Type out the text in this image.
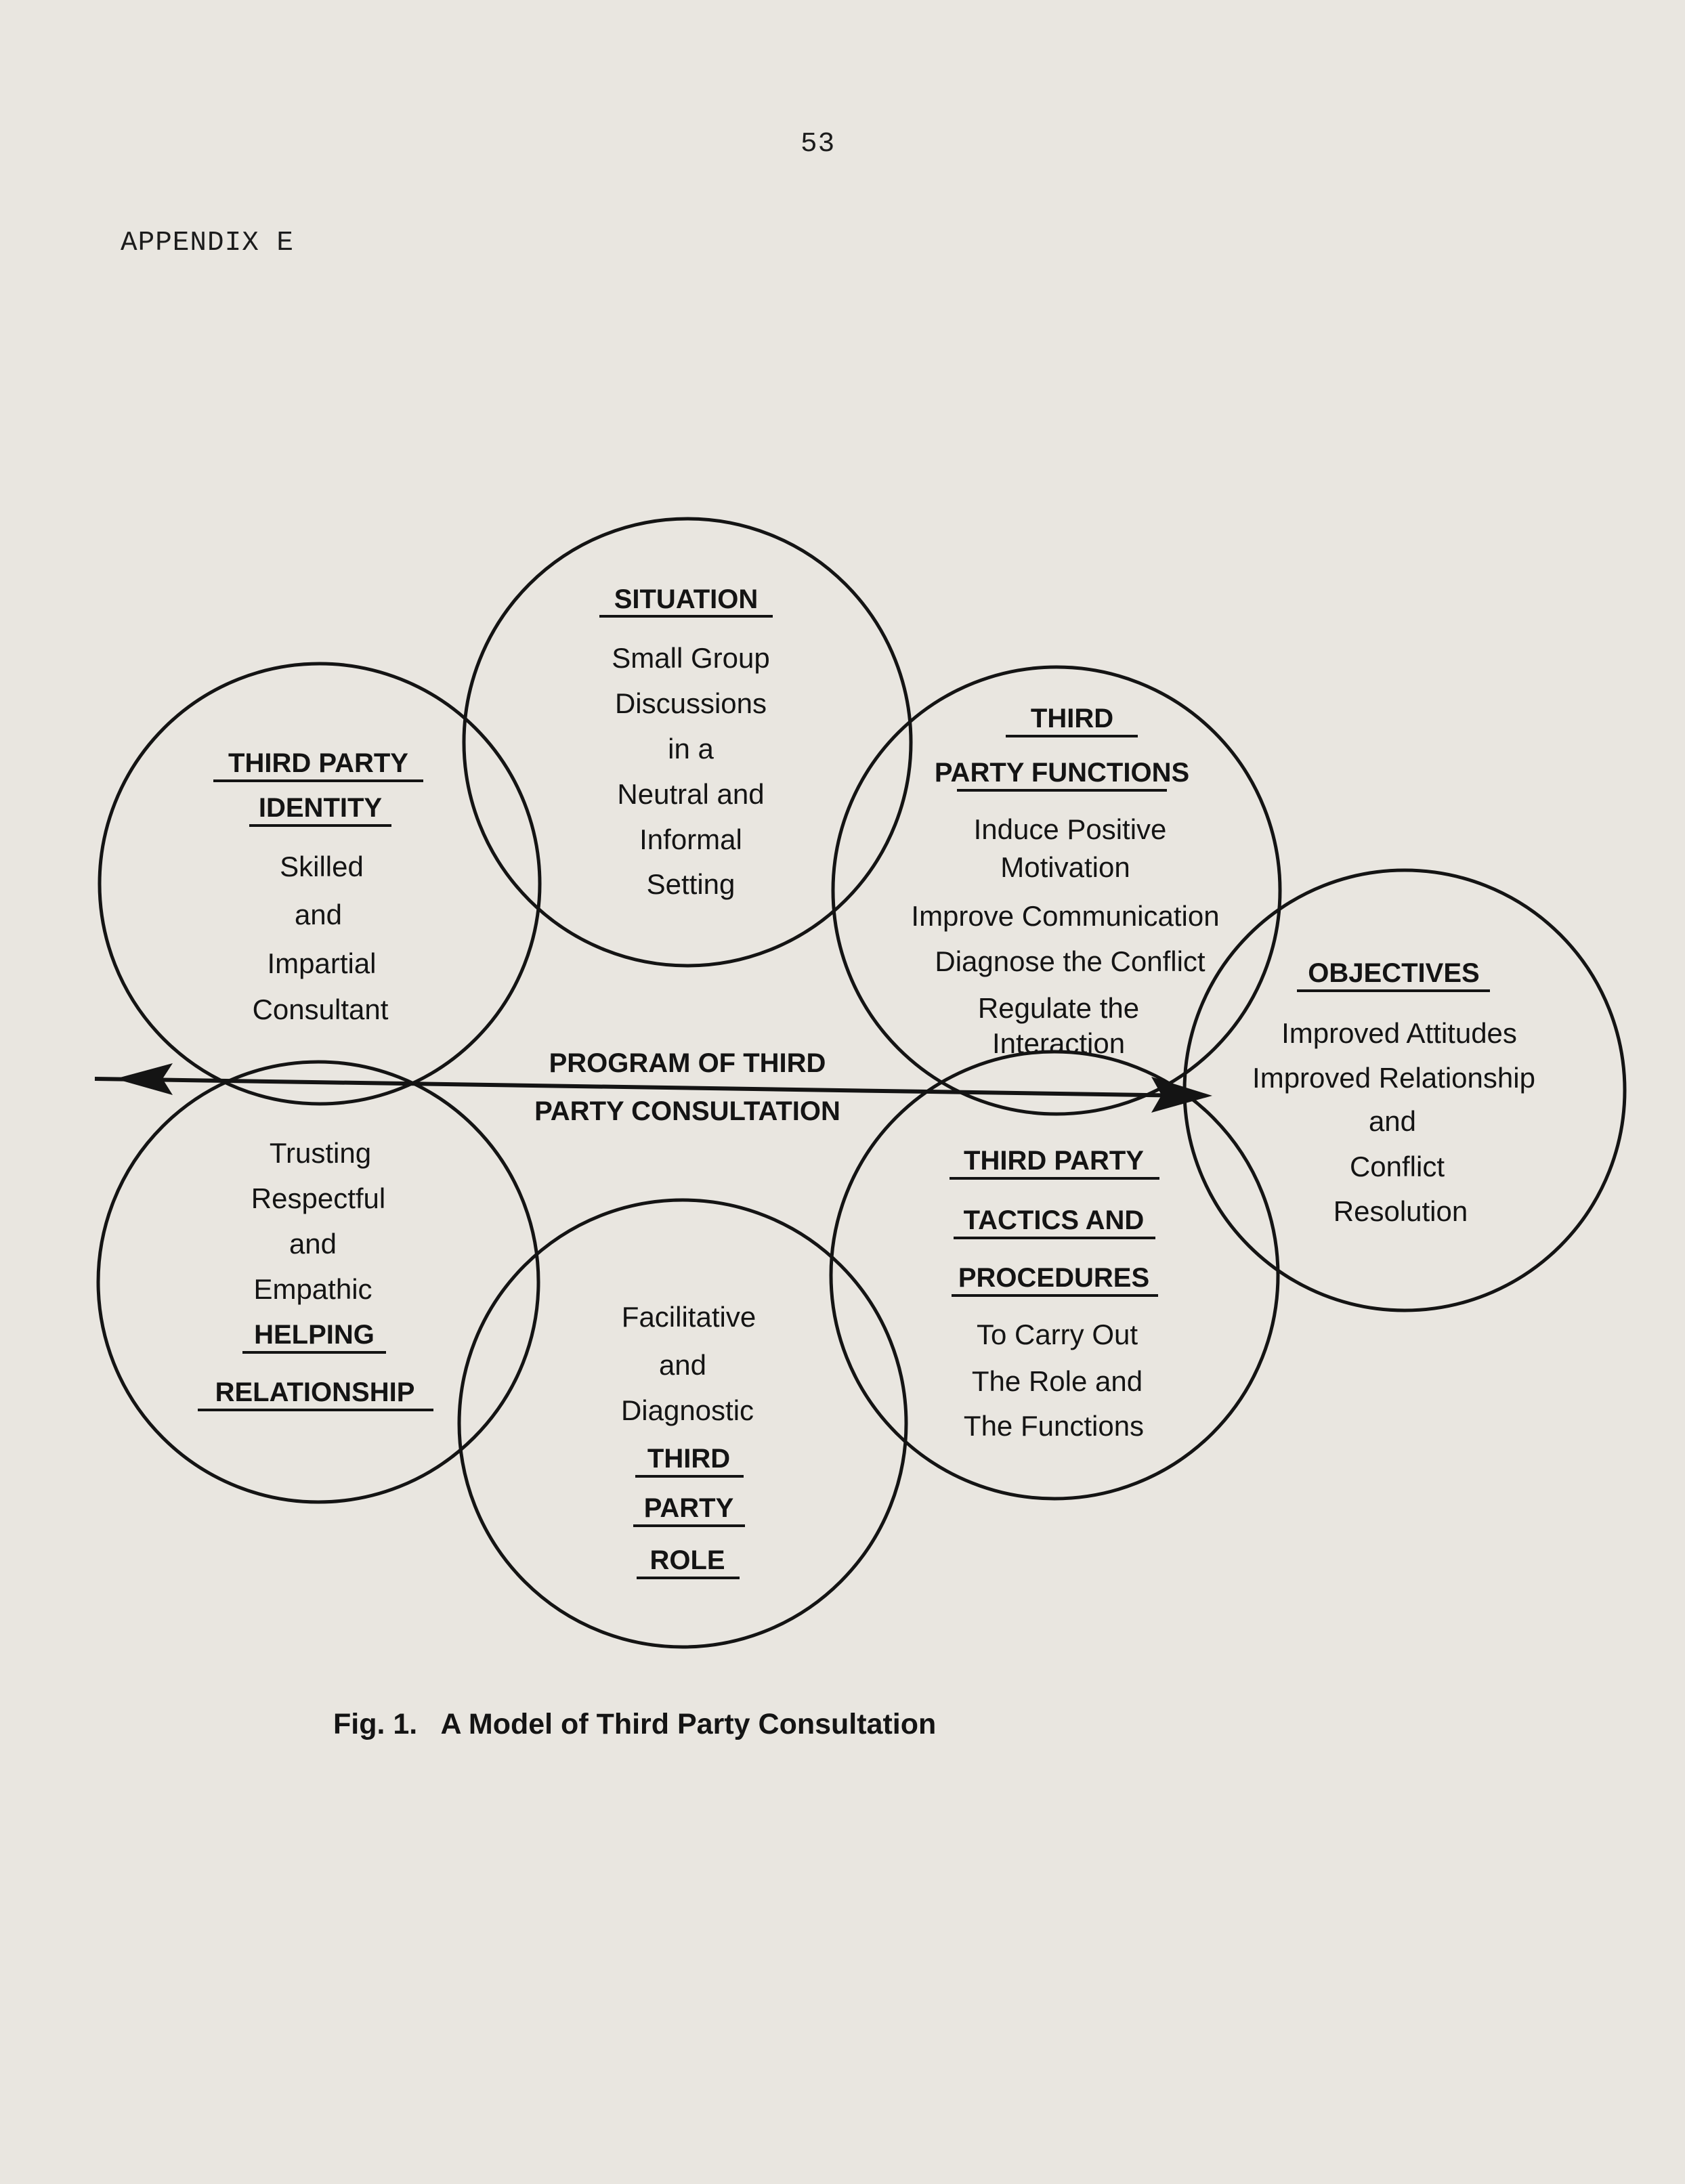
53
APPENDIX E
SITUATION
Small Group
Discussions
in a
Neutral and
Informal
Setting
THIRD PARTY
IDENTITY
Skilled
and
Impartial
Consultant
THIRD
PARTY FUNCTIONS
Induce Positive
Motivation
Improve Communication
Diagnose the Conflict
Regulate the
Interaction
OBJECTIVES
Improved Attitudes
Improved Relationship
and
Conflict
Resolution
PROGRAM OF THIRD
PARTY CONSULTATION
Trusting
Respectful
and
Empathic
HELPING
RELATIONSHIP
Facilitative
and
Diagnostic
THIRD
PARTY
ROLE
THIRD PARTY
TACTICS AND
PROCEDURES
To Carry Out
The Role and
The Functions
Fig. 1. A Model of Third Party Consultation
